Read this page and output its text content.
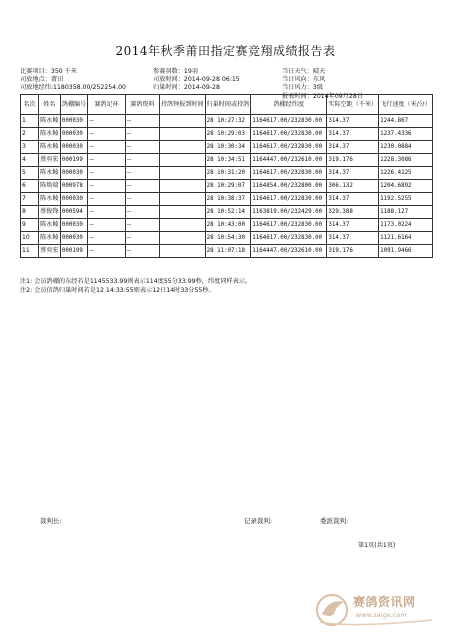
2014年秋季莆田指定赛竞翔成绩报告表
比赛项目：350 千米
司放地点：莆田
司放地经纬:1180358.00/252254.00
参赛羽数：19羽
司放时间：2014-09-28 06:15
归巢时间：2014-09-28
当日天气：晴天
当日风向：东风
当日风力：3级
报表时间：2014年09月28日
名次	姓名	鸽棚编号	赛鸽足环	赛鸽资料	持鸽钟报到时间	归巢时间或持鸽	鸽棚经纬度	实际空距（千米）	飞行速度（米/分）
1	陈永鲮	000030	--	--		28 10:27:32	1164617.00/232830.00	314.37	1244.867
2	陈永鲮	000030	--	--		28 10:29:03	1164617.00/232830.00	314.37	1237.4336
3	陈永鲮	000030	--	--		28 10:30:34	1164617.00/232830.00	314.37	1230.0884
4	蔡奕宏	000199	--	--		28 10:34:51	1164447.00/232610.00	319.176	1228.3086
5	陈永鲮	000030	--	--		28 10:31:20	1164617.00/232830.00	314.37	1226.4125
6	陈焕瑞	000978	--	--		28 10:29:07	1164854.00/232800.00	306.132	1204.6892
7	陈永鲮	000030	--	--		28 10:38:37	1164617.00/232830.00	314.37	1192.5255
8	蔡俊锋	000594	--	--		28 10:52:14	1163819.00/232429.00	329.388	1188.127
9	陈永鲮	000030	--	--		28 10:43:00	1164617.00/232830.00	314.37	1173.0224
10	陈永鲮	000030	--	--		28 10:54:30	1164617.00/232830.00	314.37	1121.6164
11	蔡奕宏	000199	--	--		28 11:07:18	1164447.00/232610.00	319.176	1091.9466
注1: 会员鸽棚的东经若是1145533.99则表示114度55分33.99秒，纬度同样表示。
注2: 会员信鸽归巢时间若是12 14:33:55则表示12日14时33分55秒。
裁判长:	记录裁判:	委派裁判:
第1页(共1页)
赛鸽资讯网
www.saige.com
